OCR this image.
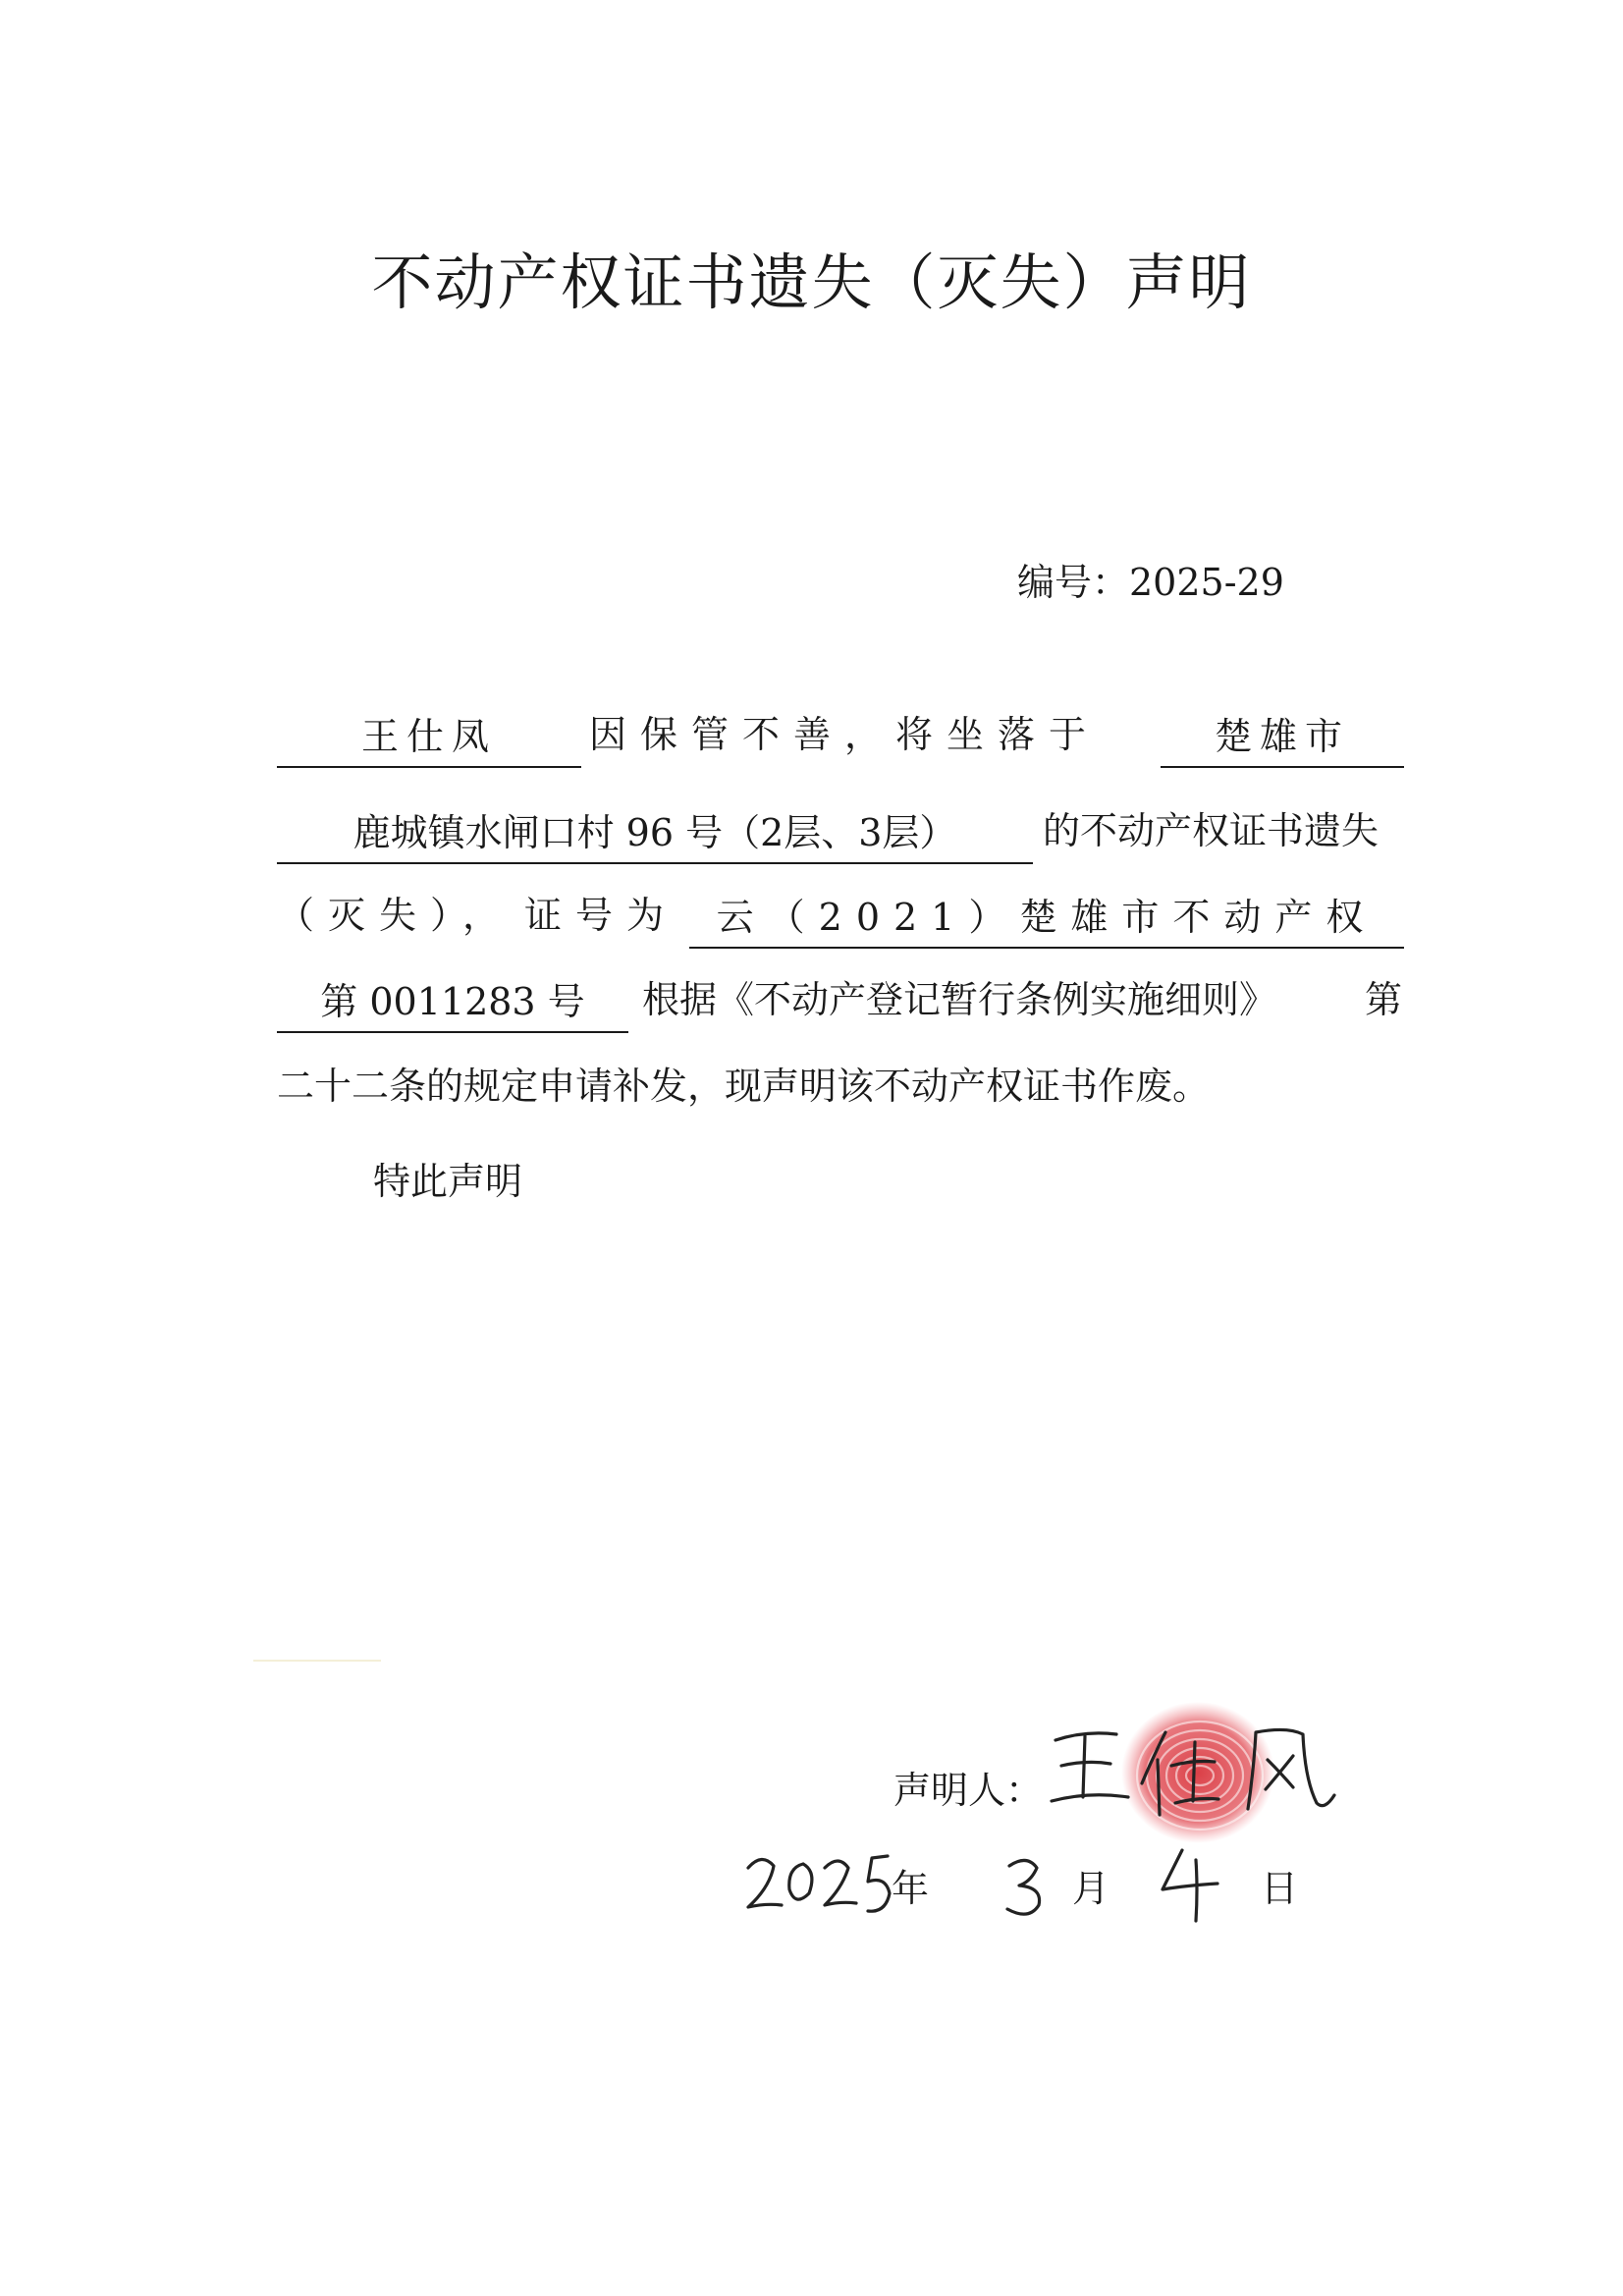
不动产权证书遗失（灭失）声明
编号：2025-29
王仕凤 因保管不善，将坐落于	楚雄市
鹿城镇水闸口村 96 号（2层、3层） 的不动产权证书遗失
（灭失）， 证号为 云（2021）楚雄市不动产权
第 0011283 号 根据《不动产登记暂行条例实施细则》 第
二十二条的规定申请补发，现声明该不动产权证书作废。
特此声明
声明人：
年	月	日
